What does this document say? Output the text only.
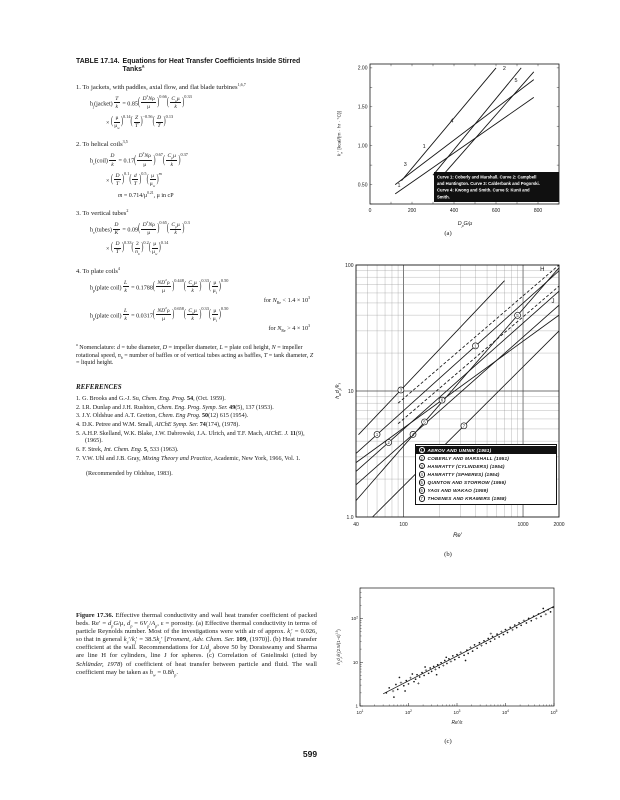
TABLE 17.14. Equations for Heat Transfer Coefficients Inside Stirred Tanks$^a$
1. To jackets, with paddles, axial flow, and flat blade turbines$^{1,6,7}$
$h_j(jacket) \frac{T}{k} = 0.85( \frac{D^2N\rho}{\mu} )^{0.66}( \frac{C_p\mu}{k} )^{0.33}$
× ( $\frac{\mu}{\mu_w} )^{0.14}( \frac{Z}{T} )^{-0.56}( \frac{D}{T} )^{0.13}$
2. To helical coils$^{3,5}$
$h_c(coil) \frac{D}{k} = 0.17( \frac{D^2N\rho}{\mu} )^{0.67}( \frac{C_p\mu}{k} )^{0.37}$
× ( $\frac{D}{T} )^{0.1}( \frac{d}{T} )^{0.5}( \frac{\mu}{\mu_w} )^m$
$m = 0.714/\mu^{0.21}$, μ in cP
3. To vertical tubes$^2$
$h_v(tubes) \frac{D}{K} = 0.09( \frac{D^2N\rho}{\mu} )^{0.65}( \frac{C_p\mu}{k} )^{0.3}$
× ( $\frac{D}{T} )^{0.33}( \frac{2}{n_b} )^{0.2}( \frac{\mu}{\mu_w} )^{0.14}$
4. To plate coils$^4$
$h_p(plate$ coil) $\frac{L}{k} = 0.1788( \frac{ND^2\rho}{\mu} )^{0.448}( \frac{C_p\mu}{k} )^{0.33}( \frac{\mu}{\mu_f} )^{0.50}$
for $N_{Re} < 1.4 \times 10^3$
$h_p(plate$ coil) $\frac{L}{k} = 0.0317( \frac{ND^2\rho}{\mu} )^{0.658}( \frac{C_p\mu}{k} )^{0.33}( \frac{\mu}{\mu_f} )^{0.50}$
for $N_{Re} > 4 \times 10^3$
$^a$ Nomenclature: d = tube diameter, D = impeller diameter, L = plate coil height, N = impeller rotational speed, $n_b$ = number of baffles or of vertical tubes acting as baffles, T = tank diameter, Z = liquid height.
REFERENCES
1. G. Brooks and G.-J. Su, Chem. Eng. Prog. 54, (Oct. 1959).
2. I.R. Dunlap and J.H. Rushton, Chem. Eng. Prog. Symp. Ser. 49(5), 137 (1953).
3. J.Y. Oldshue and A.T. Gretton, Chem. Eng Prog. 50(12) 615 (1954).
4. D.K. Petree and W.M. Small, AIChE Symp. Ser. 74(174), (1978).
5. A.H.P. Skelland, W.K. Blake, J.W. Dabrowski, J.A. Ulrich, and T.F. Mach, AIChE. J. 11(9), (1965).
6. F. Strek, Int. Chem. Eng. 5, 533 (1963).
7. V.W. Uhl and J.B. Gray, Mixing Theory and Practice, Academic, New York, 1966, Vol. 1.
(Recommended by Oldshue, 1983).
0	200	400	600	800
0.50
1.00
1.50
2.00	2
5
4
3
1
1
Curve 1: Coberly and Marshall. Curve 2: Campbell
and Huntington. Curve 3: Calderbank and Pogorski.
Curve 4: Kwong and Smith. Curve 5: Kunii and
Smith.
$k_e'$ [kcal/(m · hr · °C)]
$D_pG/\mu$
(a)
1
1
2
3
4
5
5
6
7
H
J
1.0
10
100
40	100	1000	2000
Re′
$h_wd_p/k_f$
1 AEROV AND UMNIK (1951)
2 COBERLY AND MARSHALL (1951)
3 HANRATTY (CYLINDERS) (1954)
4 HANRATTY (SPHERES) (1954)
5 QUINTON AND STORROW (1956)
6 YAGI AND WAKAO (1959)
7 THOENES AND KRAMERS (1958)
(b)
$10^1$	$10^2$	$10^3$	$10^4$	$10^5$
1
10
$10^2$
Re′/ε
$h_pd_p/k_f(2.5/(1-\varepsilon)^{1.5})$
(c)
Figure 17.36. Effective thermal conductivity and wall heat transfer coefficient of packed beds. $Re' = d_pG/\mu$, $d_p = 6V_p/A_p$, ε = porosity. (a) Effective thermal conductivity in terms of particle Reynolds number. Most of the investigations were with air of approx. $k_f' = 0.026$, so that in general $k_e'/k_f' = 38.5k_e'$ [Froment, Adv. Chem. Ser. 109, (1970)]. (b) Heat transfer coefficient at the wall. Recommendations for $L/d_p$ above 50 by Doraiswamy and Sharma are line H for cylinders, line J for spheres. (c) Correlation of Gnielinski (cited by Schlünder, 1978) of coefficient of heat transfer between particle and fluid. The wall coefficient may be taken as $h_w = 0.8h_p$.
599
